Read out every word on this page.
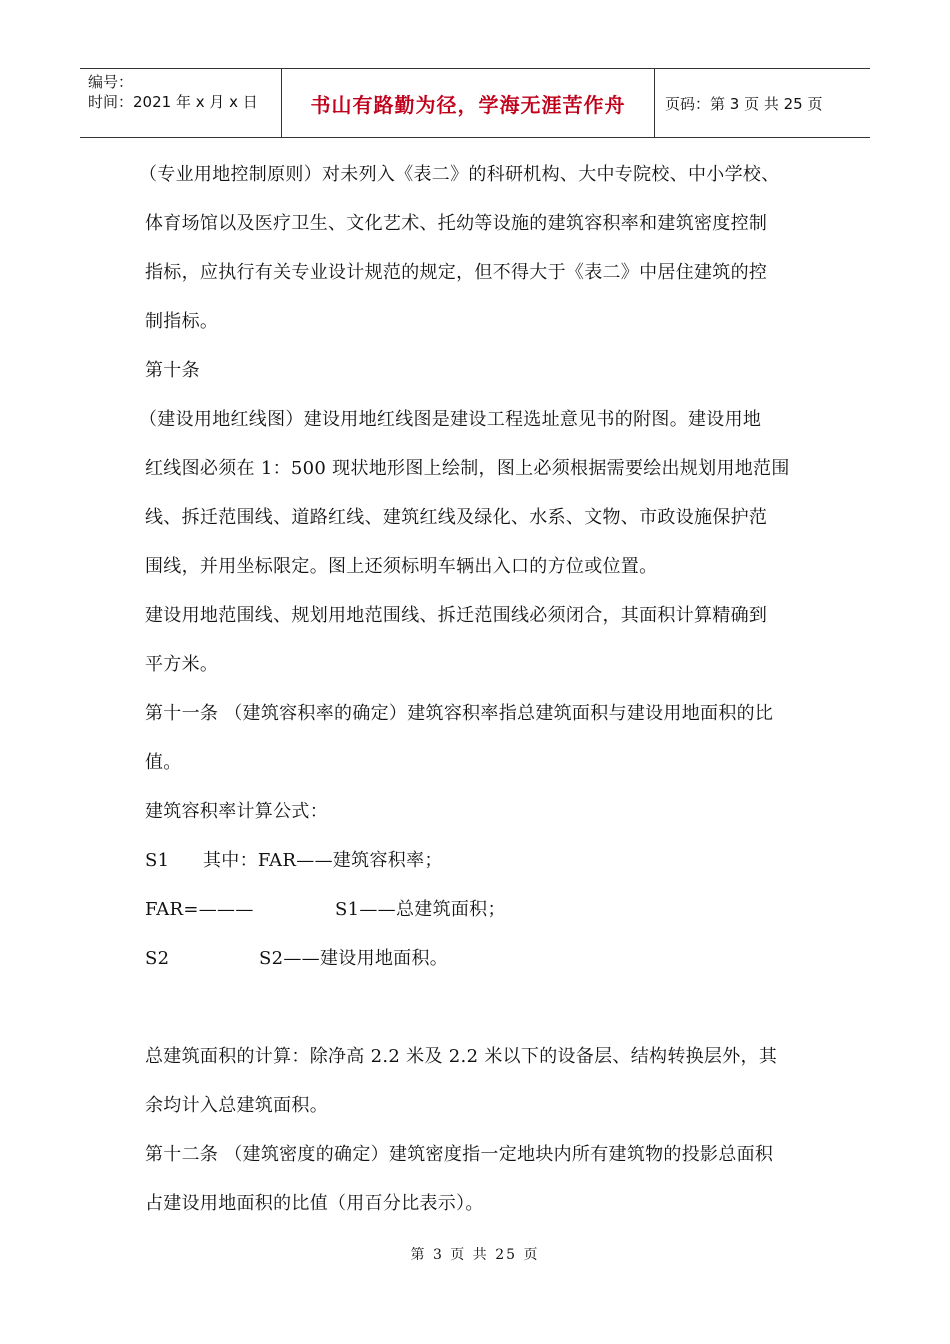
编号：
时间：2021 年 x 月 x 日	书山有路勤为径，学海无涯苦作舟	页码：第 3 页 共 25 页
（专业用地控制原则）对未列入《表二》的科研机构、大中专院校、中小学校、
体育场馆以及医疗卫生、文化艺术、托幼等设施的建筑容积率和建筑密度控制
指标，应执行有关专业设计规范的规定，但不得大于《表二》中居住建筑的控
制指标。
第十条
（建设用地红线图）建设用地红线图是建设工程选址意见书的附图。建设用地
红线图必须在 1：500 现状地形图上绘制，图上必须根据需要绘出规划用地范围
线、拆迁范围线、道路红线、建筑红线及绿化、水系、文物、市政设施保护范
围线，并用坐标限定。图上还须标明车辆出入口的方位或位置。
建设用地范围线、规划用地范围线、拆迁范围线必须闭合，其面积计算精确到
平方米。
第十一条 （建筑容积率的确定）建筑容积率指总建筑面积与建设用地面积的比
值。
建筑容积率计算公式：
S1 其中：FAR——建筑容积率；
FAR=———	S1——总建筑面积；
S2	S2——建设用地面积。
总建筑面积的计算：除净高 2.2 米及 2.2 米以下的设备层、结构转换层外，其
余均计入总建筑面积。
第十二条 （建筑密度的确定）建筑密度指一定地块内所有建筑物的投影总面积
占建设用地面积的比值（用百分比表示）。
第 3 页 共 25 页
